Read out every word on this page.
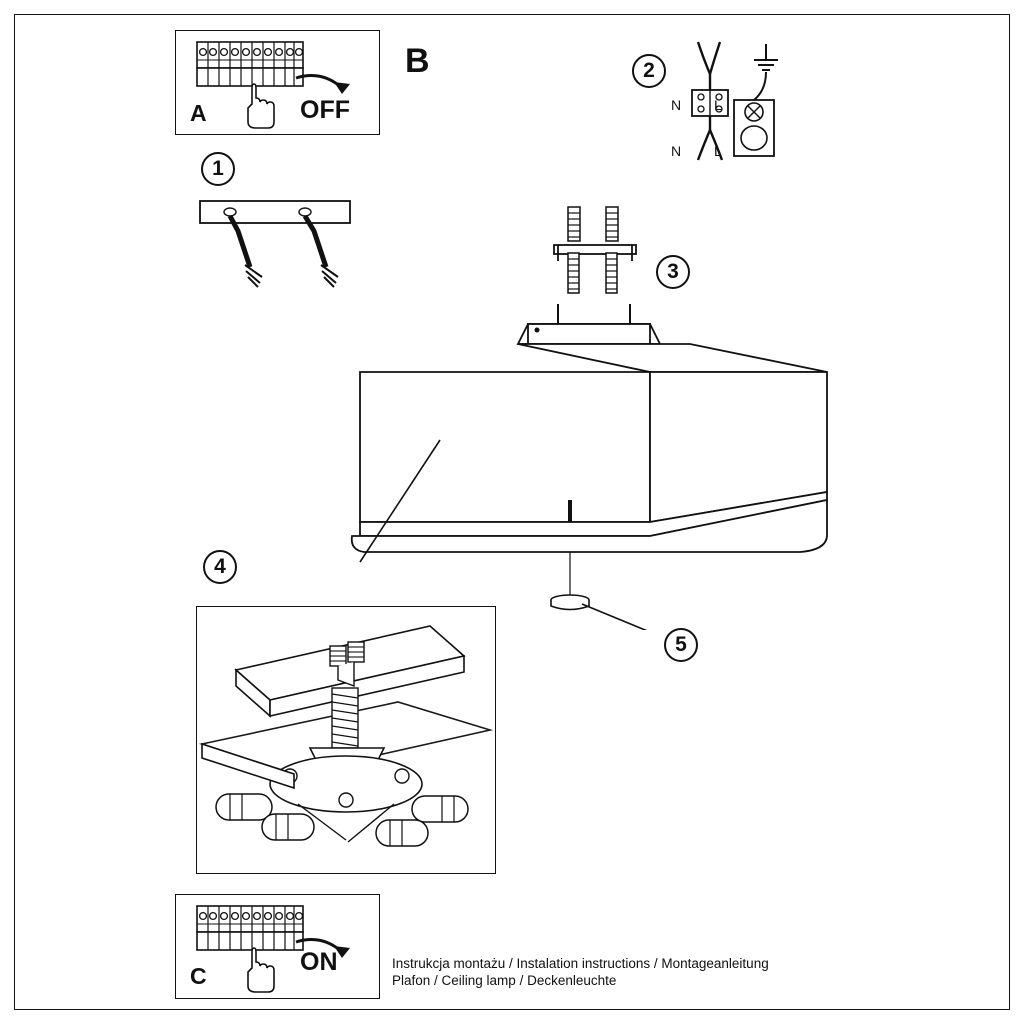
A	OFF
B
1
2
N L
N L
3
5
4
C	ON	Instrukcja montażu / Instalation instructions / Montageanleitung
Plafon / Ceiling lamp / Deckenleuchte
